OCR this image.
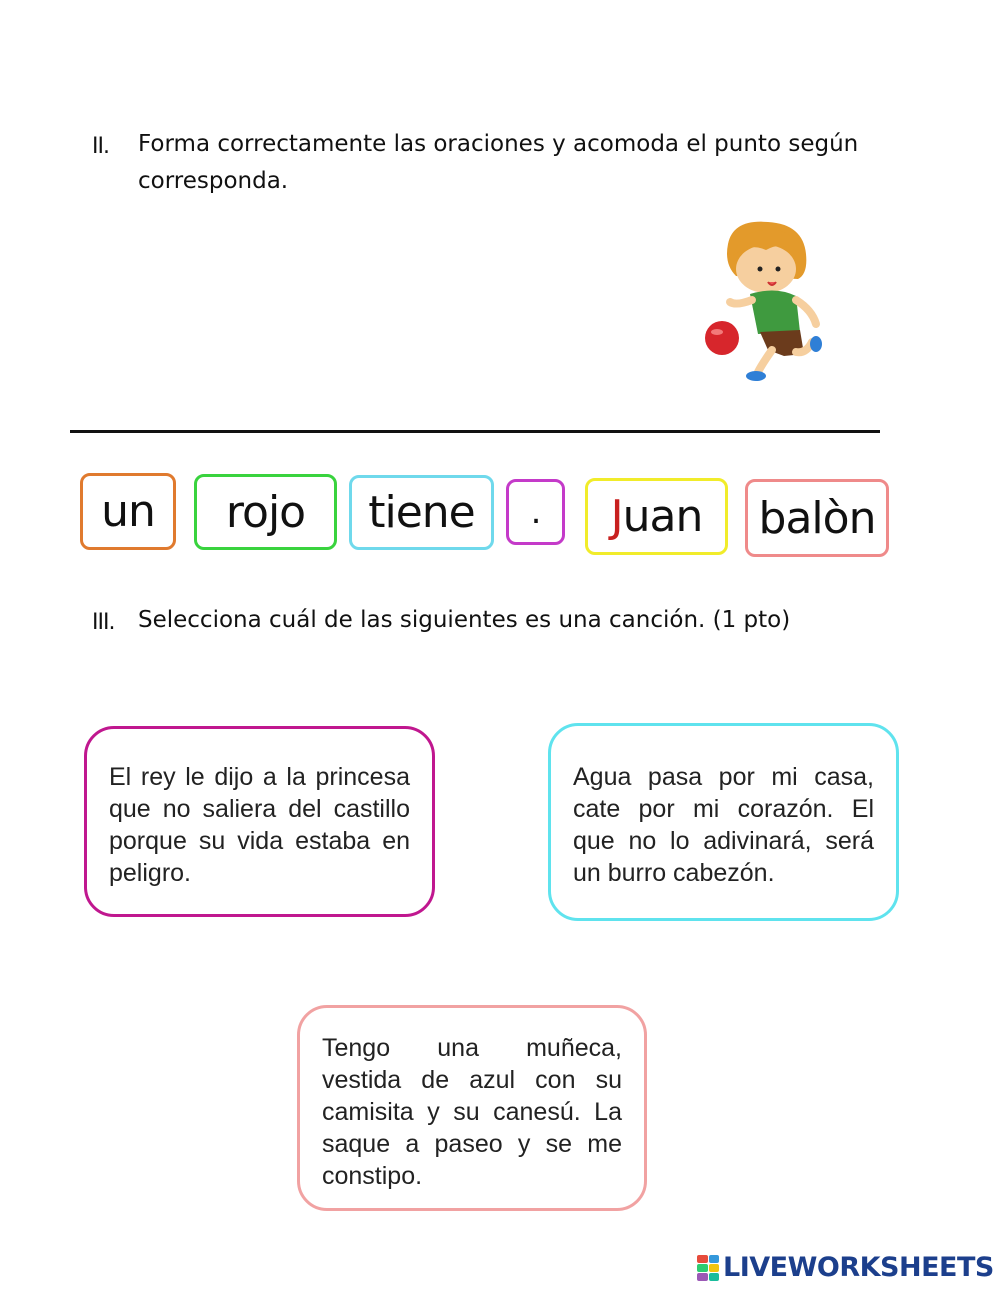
II. Forma correctamente las oraciones y acomoda el punto según
corresponda.
un rojo tiene . Juan balòn
III. Selecciona cuál de las siguientes es una canción. (1 pto)
El rey le dijo a la princesa que no saliera del castillo porque su vida estaba en peligro.
Agua pasa por mi casa, cate por mi corazón. El que no lo adivinará, será un burro cabezón.
Tengo una muñeca, vestida de azul con su camisita y su canesú. La saque a paseo y se me constipo.
LIVEWORKSHEETS
